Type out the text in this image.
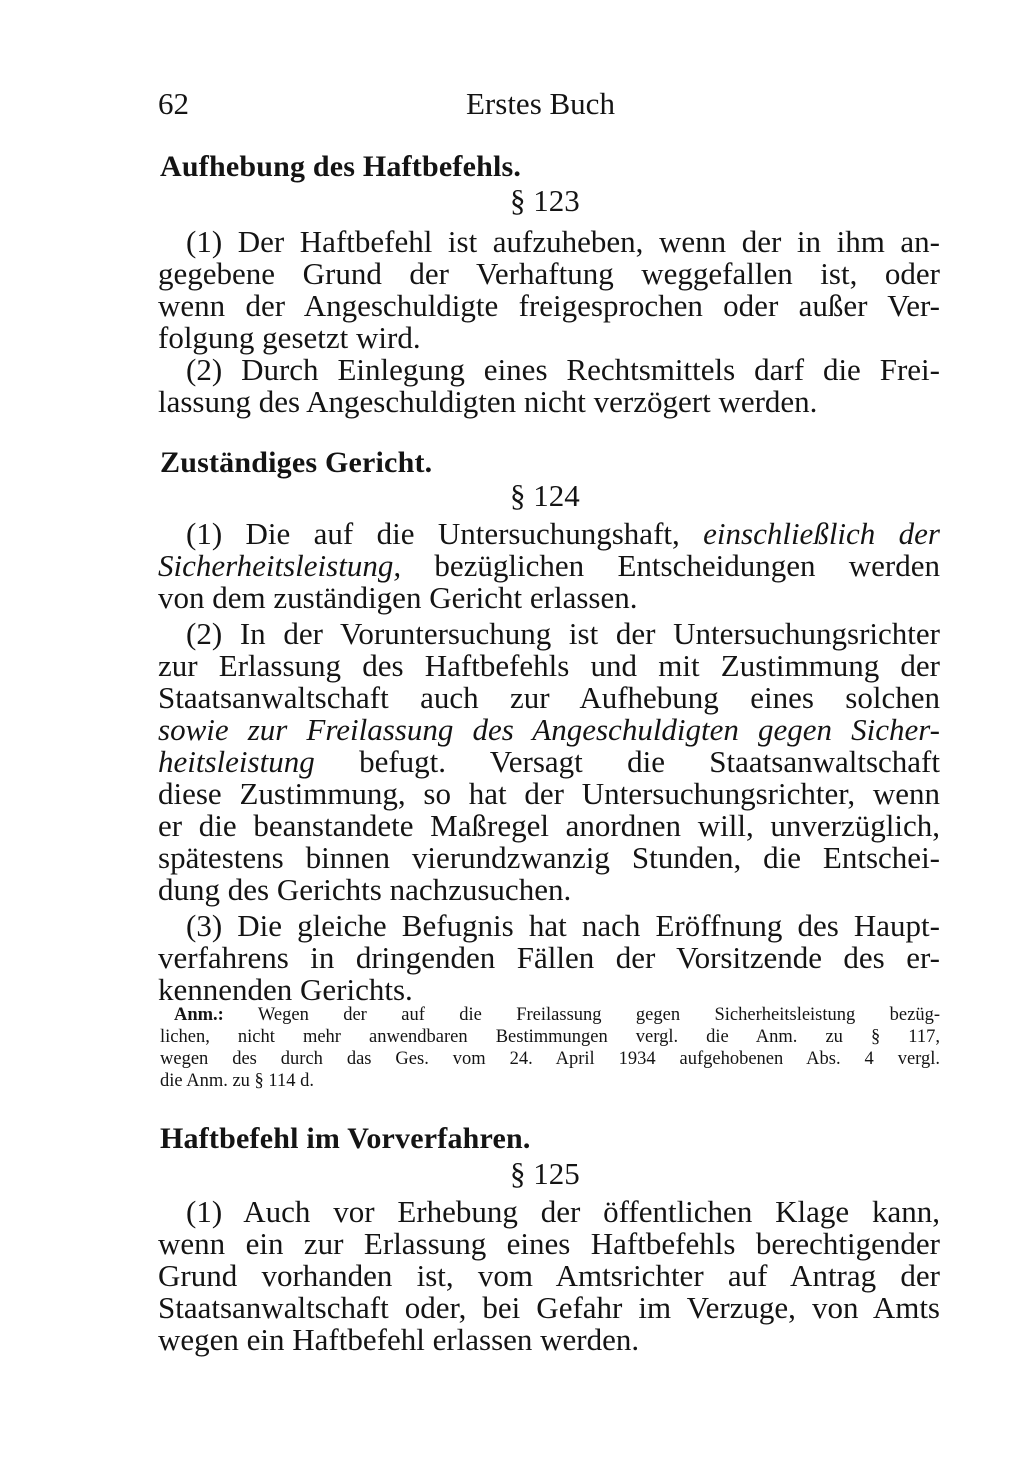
62	Erstes Buch
Aufhebung des Haftbefehls.
§ 123
(1) Der Haftbefehl ist aufzuheben, wenn der in ihm an-
gegebene Grund der Verhaftung weggefallen ist, oder
wenn der Angeschuldigte freigesprochen oder außer Ver-
folgung gesetzt wird.
(2) Durch Einlegung eines Rechtsmittels darf die Frei-
lassung des Angeschuldigten nicht verzögert werden.
Zuständiges Gericht.
§ 124
(1) Die auf die Untersuchungshaft, einschließlich der
Sicherheitsleistung, bezüglichen Entscheidungen werden
von dem zuständigen Gericht erlassen.
(2) In der Voruntersuchung ist der Untersuchungsrichter
zur Erlassung des Haftbefehls und mit Zustimmung der
Staatsanwaltschaft auch zur Aufhebung eines solchen
sowie zur Freilassung des Angeschuldigten gegen Sicher-
heitsleistung befugt. Versagt die Staatsanwaltschaft
diese Zustimmung, so hat der Untersuchungsrichter, wenn
er die beanstandete Maßregel anordnen will, unverzüglich,
spätestens binnen vierundzwanzig Stunden, die Entschei-
dung des Gerichts nachzusuchen.
(3) Die gleiche Befugnis hat nach Eröffnung des Haupt-
verfahrens in dringenden Fällen der Vorsitzende des er-
kennenden Gerichts.
Anm.: Wegen der auf die Freilassung gegen Sicherheitsleistung bezüg-
lichen, nicht mehr anwendbaren Bestimmungen vergl. die Anm. zu § 117,
wegen des durch das Ges. vom 24. April 1934 aufgehobenen Abs. 4 vergl.
die Anm. zu § 114 d.
Haftbefehl im Vorverfahren.
§ 125
(1) Auch vor Erhebung der öffentlichen Klage kann,
wenn ein zur Erlassung eines Haftbefehls berechtigender
Grund vorhanden ist, vom Amtsrichter auf Antrag der
Staatsanwaltschaft oder, bei Gefahr im Verzuge, von Amts
wegen ein Haftbefehl erlassen werden.
